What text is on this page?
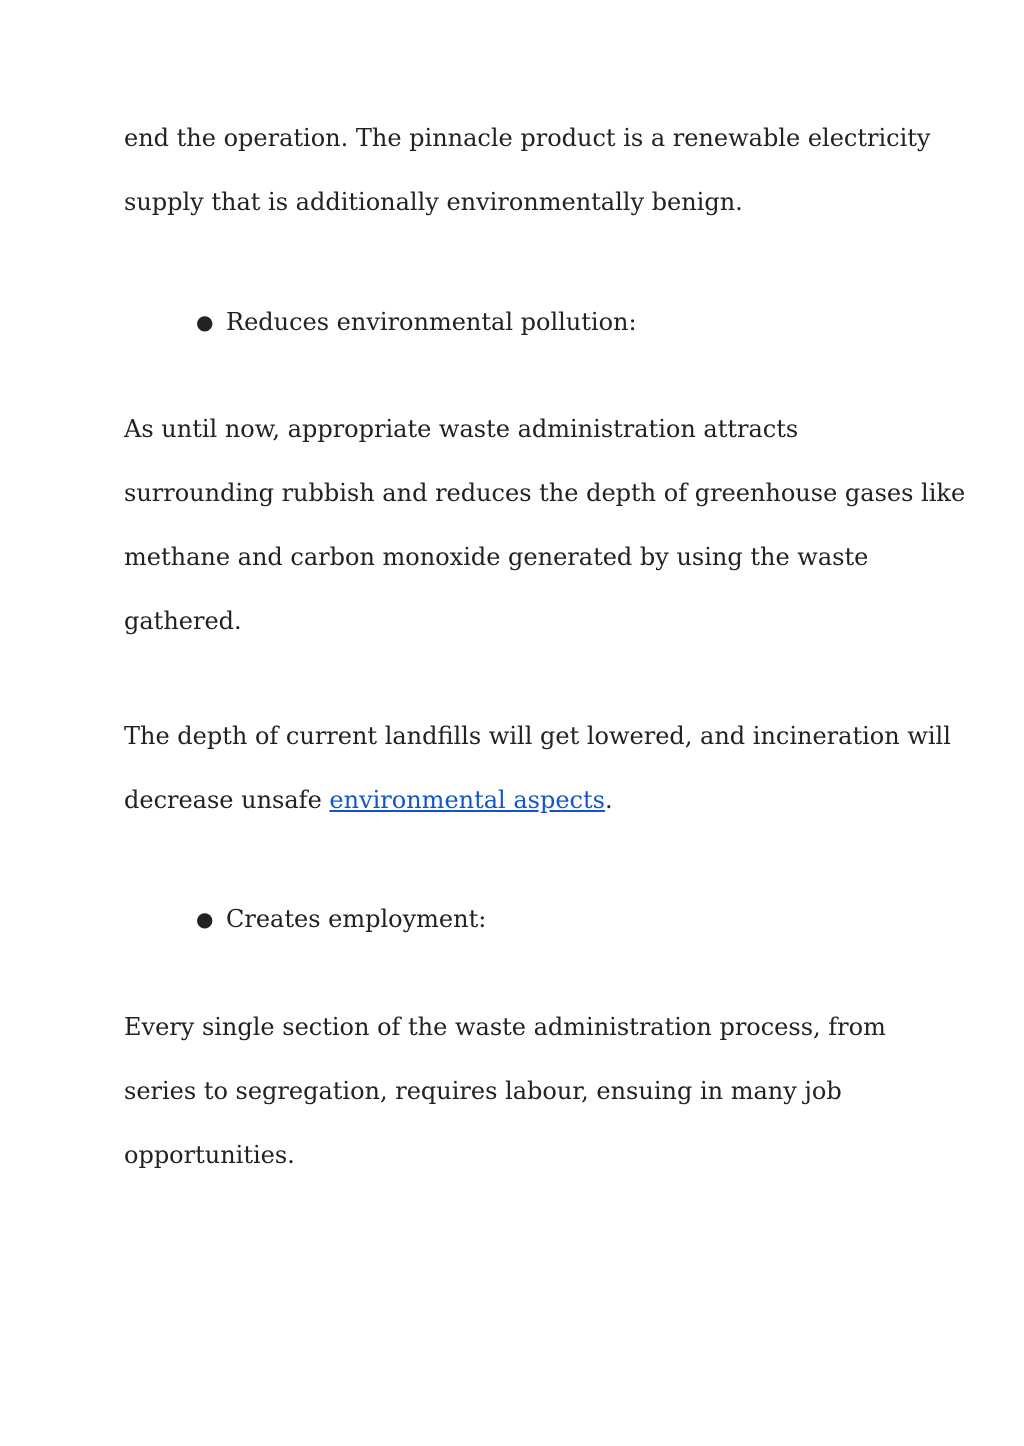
end the operation. The pinnacle product is a renewable electricity
supply that is additionally environmentally benign.

● Reduces environmental pollution:

As until now, appropriate waste administration attracts
surrounding rubbish and reduces the depth of greenhouse gases like
methane and carbon monoxide generated by using the waste
gathered.

The depth of current landfills will get lowered, and incineration will
decrease unsafe environmental aspects.

● Creates employment:

Every single section of the waste administration process, from
series to segregation, requires labour, ensuing in many job
opportunities.
